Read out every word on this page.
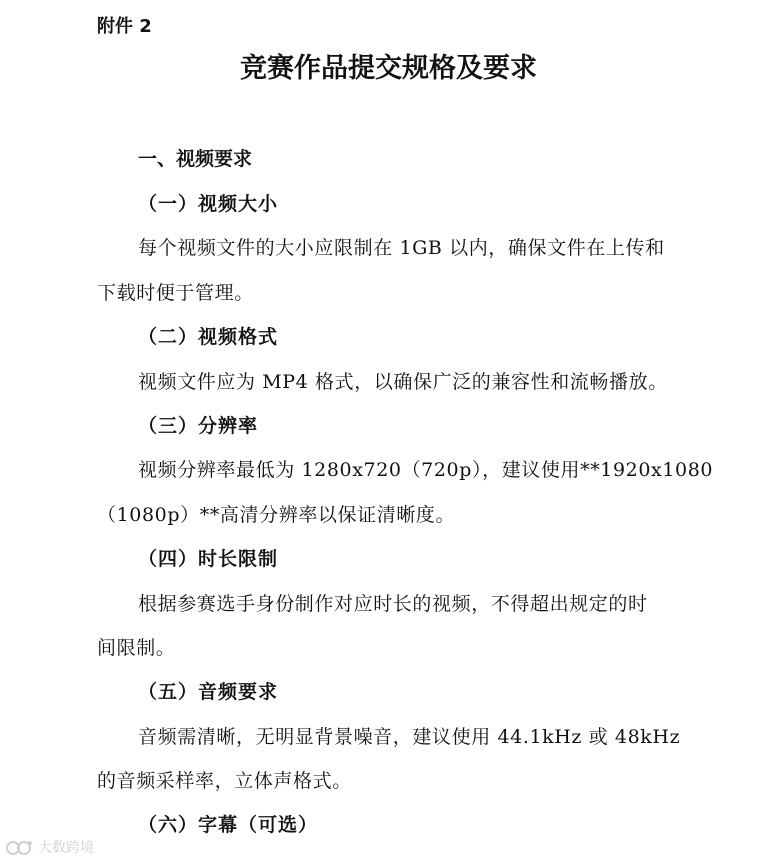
附件 2
竞赛作品提交规格及要求
一、视频要求
（一）视频大小
每个视频文件的大小应限制在 1GB 以内，确保文件在上传和
下载时便于管理。
（二）视频格式
视频文件应为 MP4 格式，以确保广泛的兼容性和流畅播放。
（三）分辨率
视频分辨率最低为 1280x720（720p），建议使用**1920x1080
（1080p）**高清分辨率以保证清晰度。
（四）时长限制
根据参赛选手身份制作对应时长的视频，不得超出规定的时
间限制。
（五）音频要求
音频需清晰，无明显背景噪音，建议使用 44.1kHz 或 48kHz
的音频采样率，立体声格式。
（六）字幕（可选）
大数跨境
